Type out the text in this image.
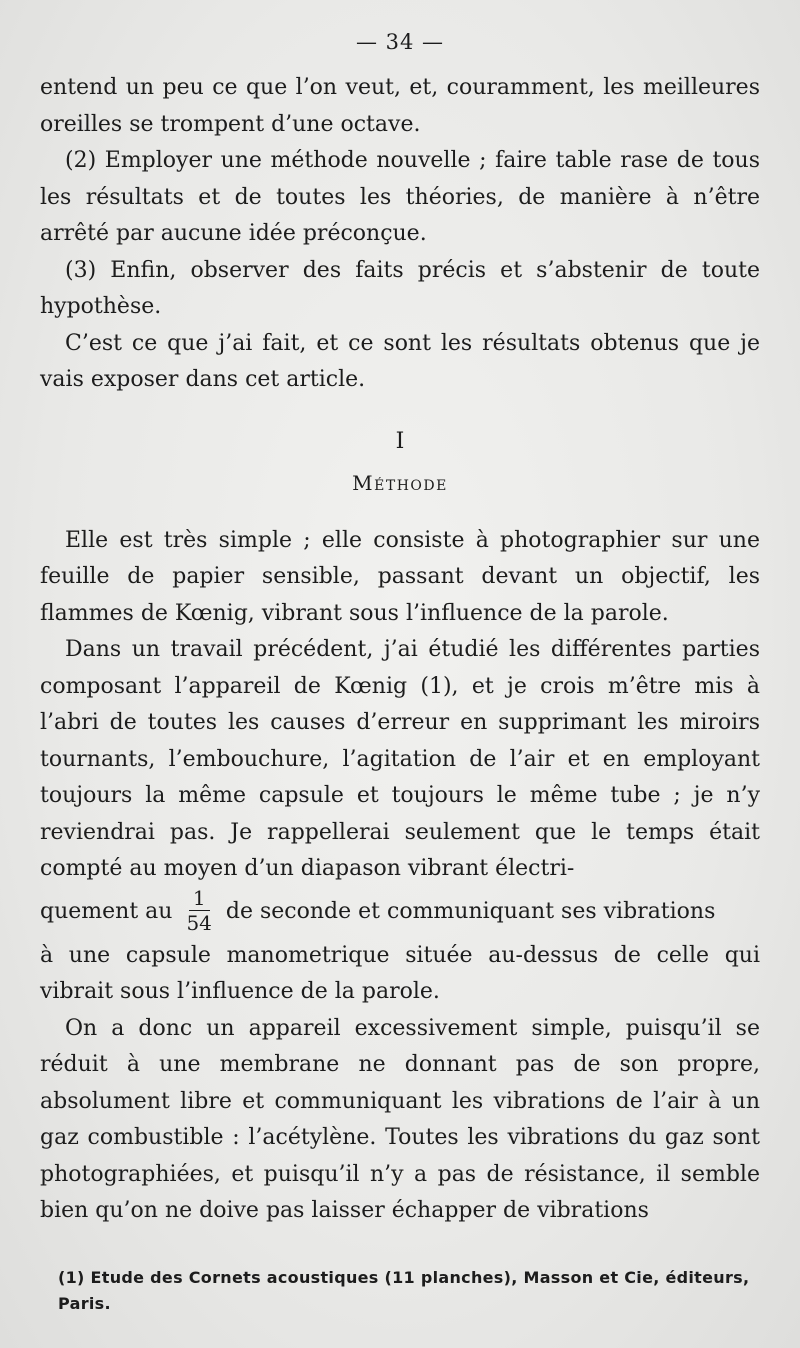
— 34 —

entend un peu ce que l’on veut, et, couramment, les meilleures oreilles se trompent d’une octave.

(2) Employer une méthode nouvelle ; faire table rase de tous les résultats et de toutes les théories, de manière à n’être arrêté par aucune idée préconçue.

(3) Enfin, observer des faits précis et s’abstenir de toute hypothèse.

C’est ce que j’ai fait, et ce sont les résultats obtenus que je vais exposer dans cet article.

I

Méthode

Elle est très simple ; elle consiste à photographier sur une feuille de papier sensible, passant devant un objectif, les flammes de Kœnig, vibrant sous l’influence de la parole.

Dans un travail précédent, j’ai étudié les différentes parties composant l’appareil de Kœnig (1), et je crois m’être mis à l’abri de toutes les causes d’erreur en supprimant les miroirs tournants, l’embouchure, l’agitation de l’air et en employant toujours la même capsule et toujours le même tube ; je n’y reviendrai pas. Je rappellerai seulement que le temps était compté au moyen d’un diapason vibrant électri-

quement au $\frac{1}{54}$ de seconde et communiquant ses vibrations

à une capsule manometrique située au-dessus de celle qui vibrait sous l’influence de la parole.

On a donc un appareil excessivement simple, puisqu’il se réduit à une membrane ne donnant pas de son propre, absolument libre et communiquant les vibrations de l’air à un gaz combustible : l’acétylène. Toutes les vibrations du gaz sont photographiées, et puisqu’il n’y a pas de résistance, il semble bien qu’on ne doive pas laisser échapper de vibrations

(1) Etude des Cornets acoustiques (11 planches), Masson et Cie, éditeurs, Paris.
